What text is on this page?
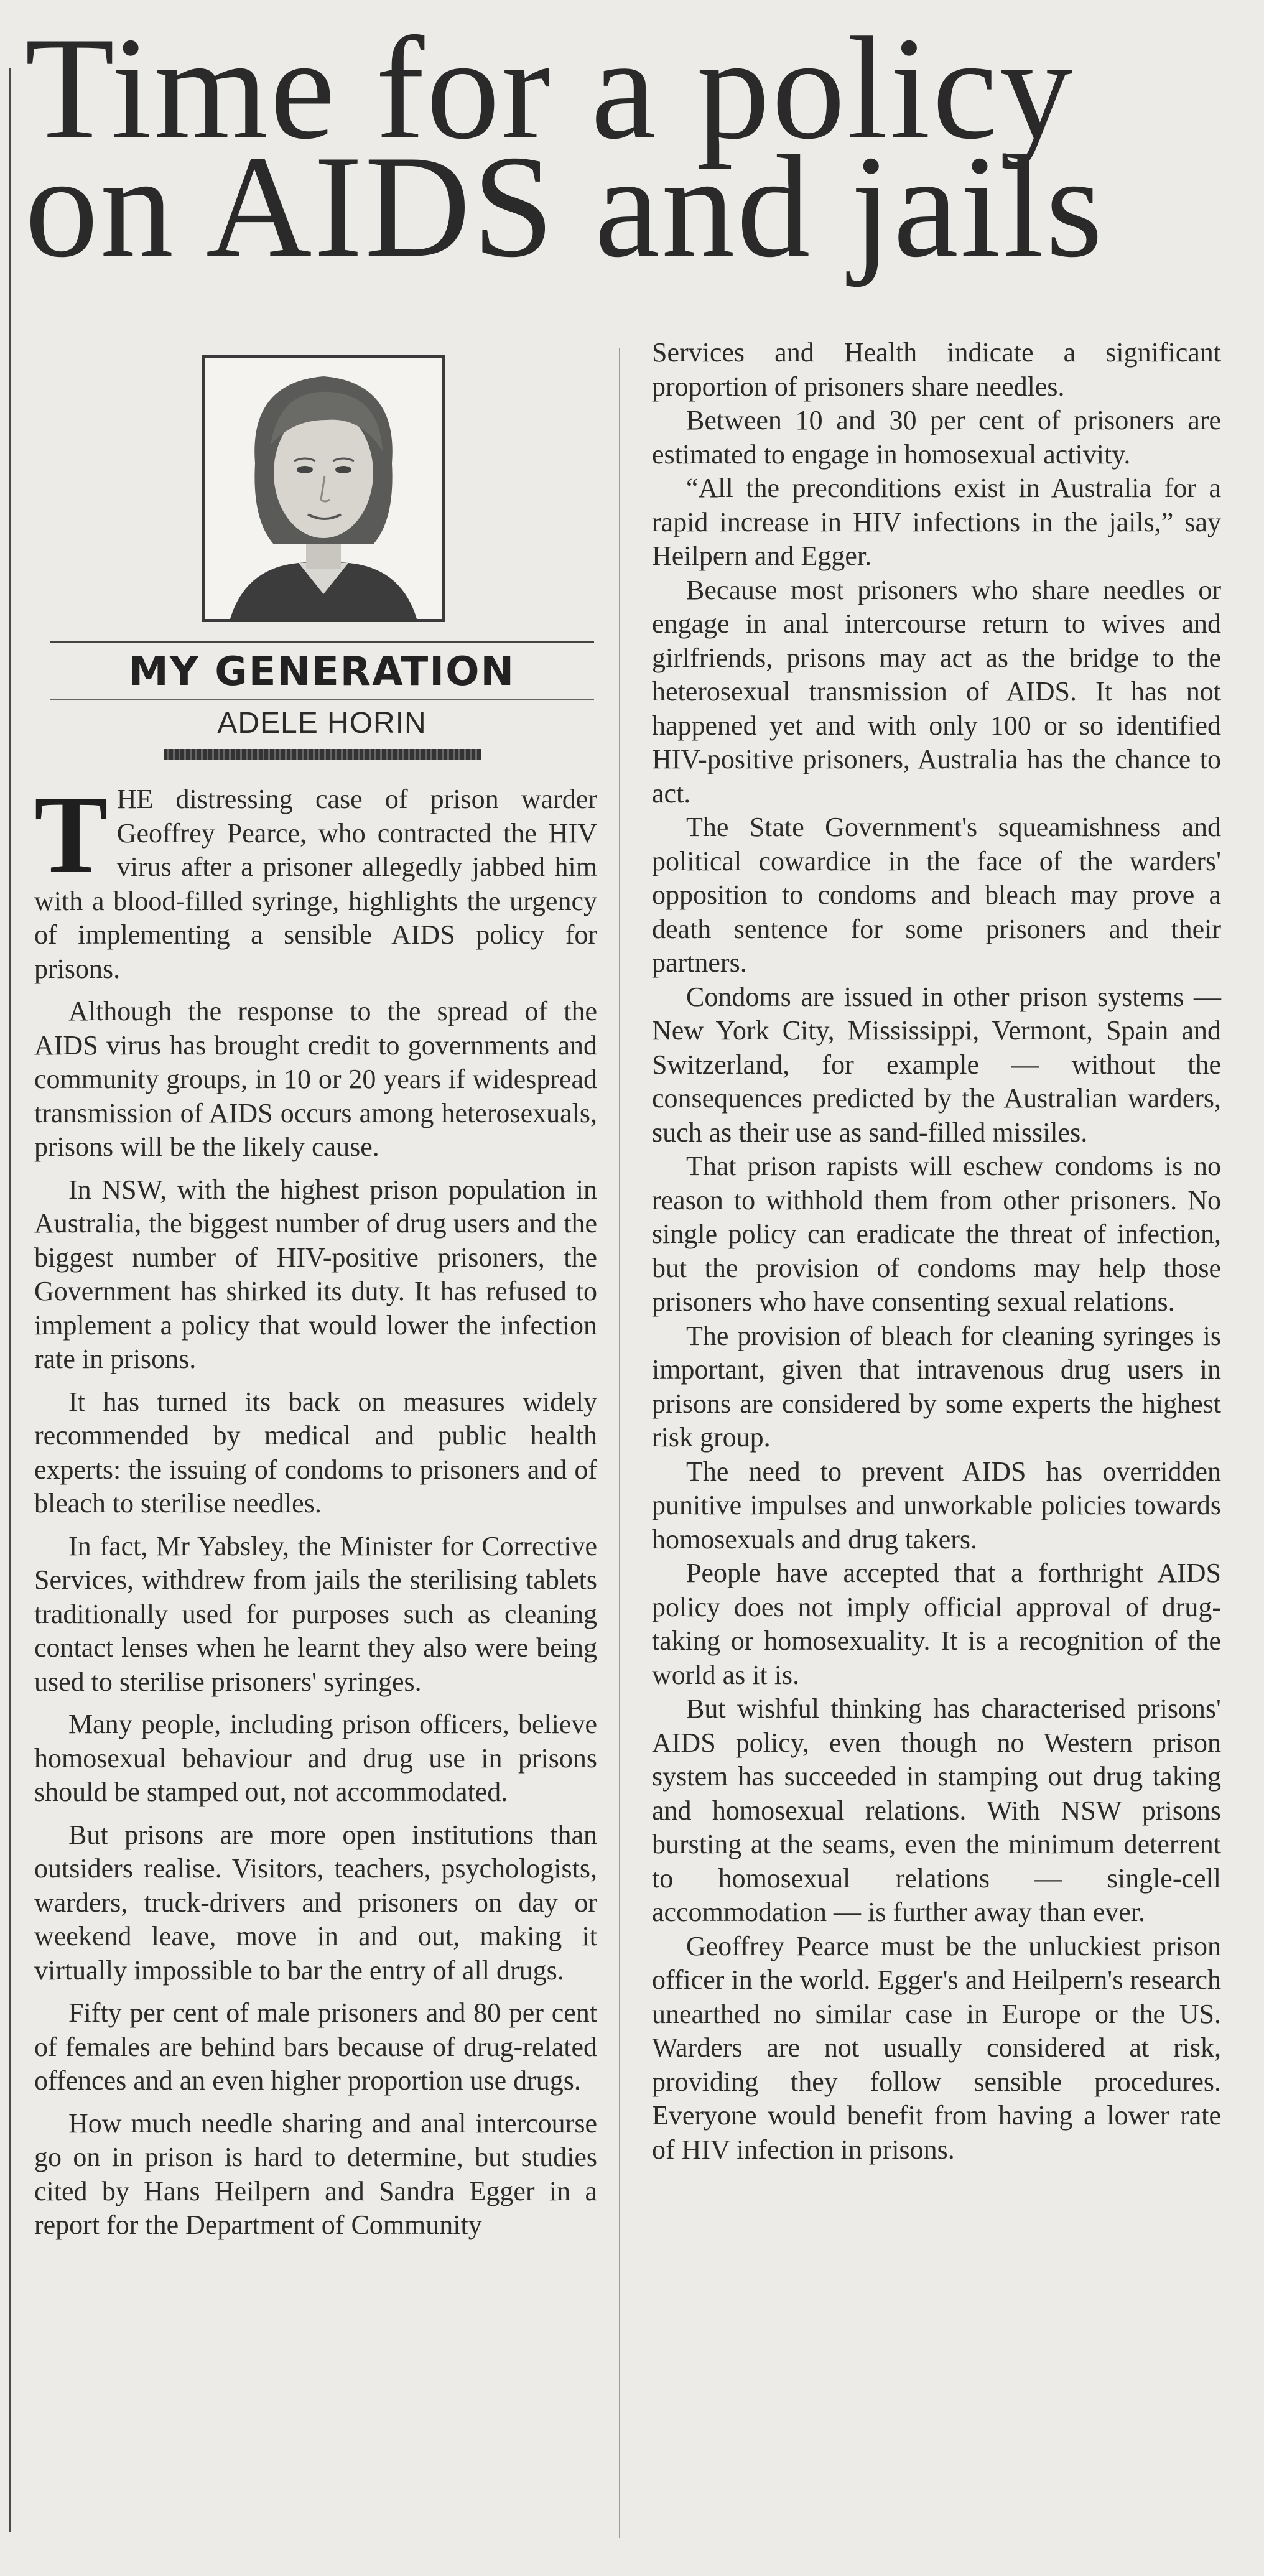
Time for a policy
on AIDS and jails
MY GENERATION
ADELE HORIN

THE distressing case of prison warder Geoffrey Pearce, who contracted the HIV virus after a prisoner allegedly jabbed him with a blood-filled syringe, highlights the urgency of implementing a sensible AIDS policy for prisons.

Although the response to the spread of the AIDS virus has brought credit to governments and community groups, in 10 or 20 years if widespread transmission of AIDS occurs among heterosexuals, prisons will be the likely cause.

In NSW, with the highest prison population in Australia, the biggest number of drug users and the biggest number of HIV-positive prisoners, the Government has shirked its duty. It has refused to implement a policy that would lower the infection rate in prisons.

It has turned its back on measures widely recommended by medical and public health experts: the issuing of condoms to prisoners and of bleach to sterilise needles.

In fact, Mr Yabsley, the Minister for Corrective Services, withdrew from jails the sterilising tablets traditionally used for purposes such as cleaning contact lenses when he learnt they also were being used to sterilise prisoners' syringes.

Many people, including prison officers, believe homosexual behaviour and drug use in prisons should be stamped out, not accommodated.

But prisons are more open institutions than outsiders realise. Visitors, teachers, psychologists, warders, truck-drivers and prisoners on day or weekend leave, move in and out, making it virtually impossible to bar the entry of all drugs.

Fifty per cent of male prisoners and 80 per cent of females are behind bars because of drug-related offences and an even higher proportion use drugs.

How much needle sharing and anal intercourse go on in prison is hard to determine, but studies cited by Hans Heilpern and Sandra Egger in a report for the Department of Community

Services and Health indicate a significant proportion of prisoners share needles.

Between 10 and 30 per cent of prisoners are estimated to engage in homosexual activity.

“All the preconditions exist in Australia for a rapid increase in HIV infections in the jails,” say Heilpern and Egger.

Because most prisoners who share needles or engage in anal intercourse return to wives and girlfriends, prisons may act as the bridge to the heterosexual transmission of AIDS. It has not happened yet and with only 100 or so identified HIV-positive prisoners, Australia has the chance to act.

The State Government's squeamishness and political cowardice in the face of the warders' opposition to condoms and bleach may prove a death sentence for some prisoners and their partners.

Condoms are issued in other prison systems — New York City, Mississippi, Vermont, Spain and Switzerland, for example — without the consequences predicted by the Australian warders, such as their use as sand-filled missiles.

That prison rapists will eschew condoms is no reason to withhold them from other prisoners. No single policy can eradicate the threat of infection, but the provision of condoms may help those prisoners who have consenting sexual relations.

The provision of bleach for cleaning syringes is important, given that intravenous drug users in prisons are considered by some experts the highest risk group.

The need to prevent AIDS has overridden punitive impulses and unworkable policies towards homosexuals and drug takers.

People have accepted that a forthright AIDS policy does not imply official approval of drug-taking or homosexuality. It is a recognition of the world as it is.

But wishful thinking has characterised prisons' AIDS policy, even though no Western prison system has succeeded in stamping out drug taking and homosexual relations. With NSW prisons bursting at the seams, even the minimum deterrent to homosexual relations — single-cell accommodation — is further away than ever.

Geoffrey Pearce must be the unluckiest prison officer in the world. Egger's and Heilpern's research unearthed no similar case in Europe or the US. Warders are not usually considered at risk, providing they follow sensible procedures. Everyone would benefit from having a lower rate of HIV infection in prisons.
